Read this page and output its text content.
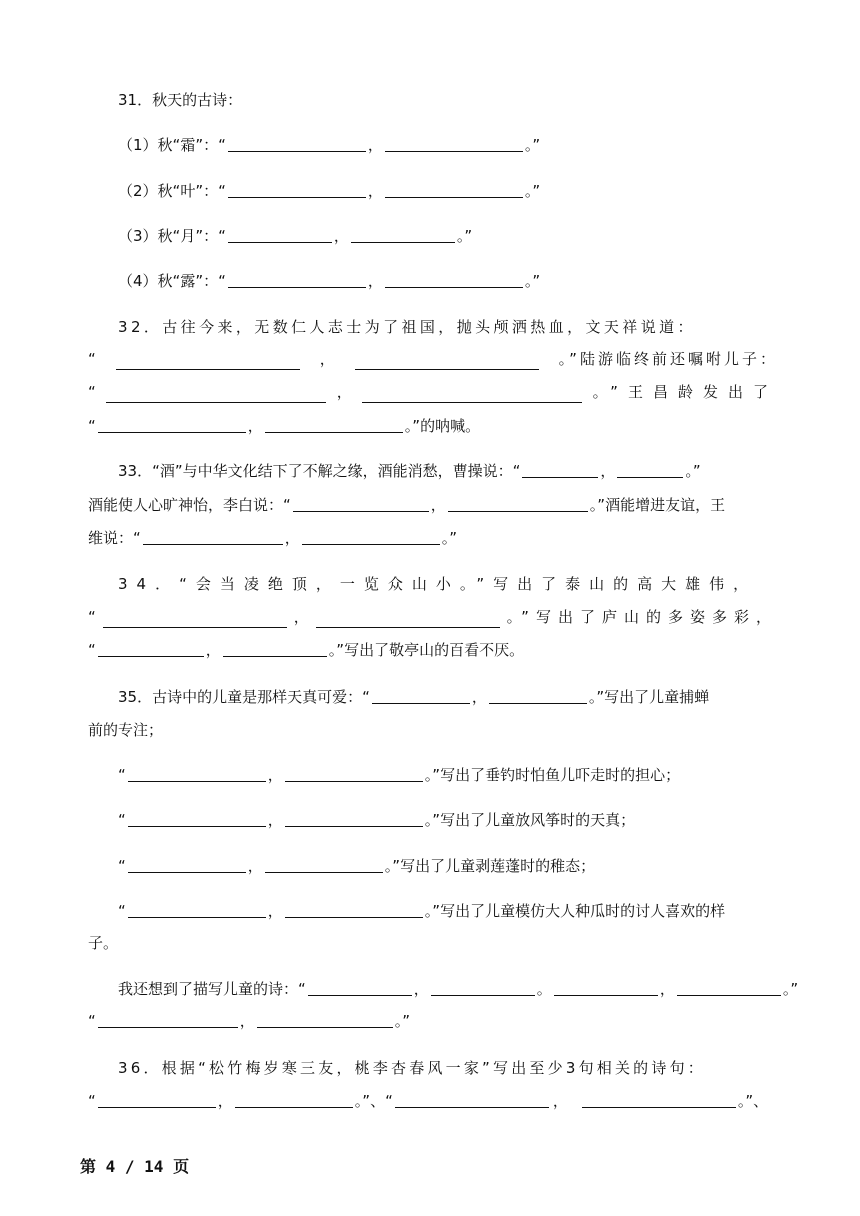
31．秋天的古诗：
（1）秋“霜”：“	，	。”
（2）秋“叶”：“	，	。”
（3）秋“月”：“	，	。”
（4）秋“露”：“	，	。”
32．古往今来，无数仁人志士为了祖国，抛头颅洒热血，文天祥说道：
“	，	。”陆游临终前还嘱咐儿子：
“	，	。”王昌龄发出了
“	，	。”的呐喊。
33．“酒”与中华文化结下了不解之缘，酒能消愁，曹操说：“	，	。”
酒能使人心旷神怡，李白说：“	，	。”酒能增进友谊，王
维说：“	，	。”
34．“会当凌绝顶，一览众山小。”写出了泰山的高大雄伟，
“	，	。”写出了庐山的多姿多彩，
“	，	。”写出了敬亭山的百看不厌。
35．古诗中的儿童是那样天真可爱：“	，	。”写出了儿童捕蝉
前的专注；
“	，	。”写出了垂钓时怕鱼儿吓走时的担心；
“	，	。”写出了儿童放风筝时的天真；
“	，	。”写出了儿童剥莲蓬时的稚态；
“	，	。”写出了儿童模仿大人种瓜时的讨人喜欢的样
子。
我还想到了描写儿童的诗：“	，	。	，	。”
“	，	。”
36．根据“松竹梅岁寒三友，桃李杏春风一家”写出至少3句相关的诗句：
“	，	。”、“	，	。”、
第 4 / 14 页
